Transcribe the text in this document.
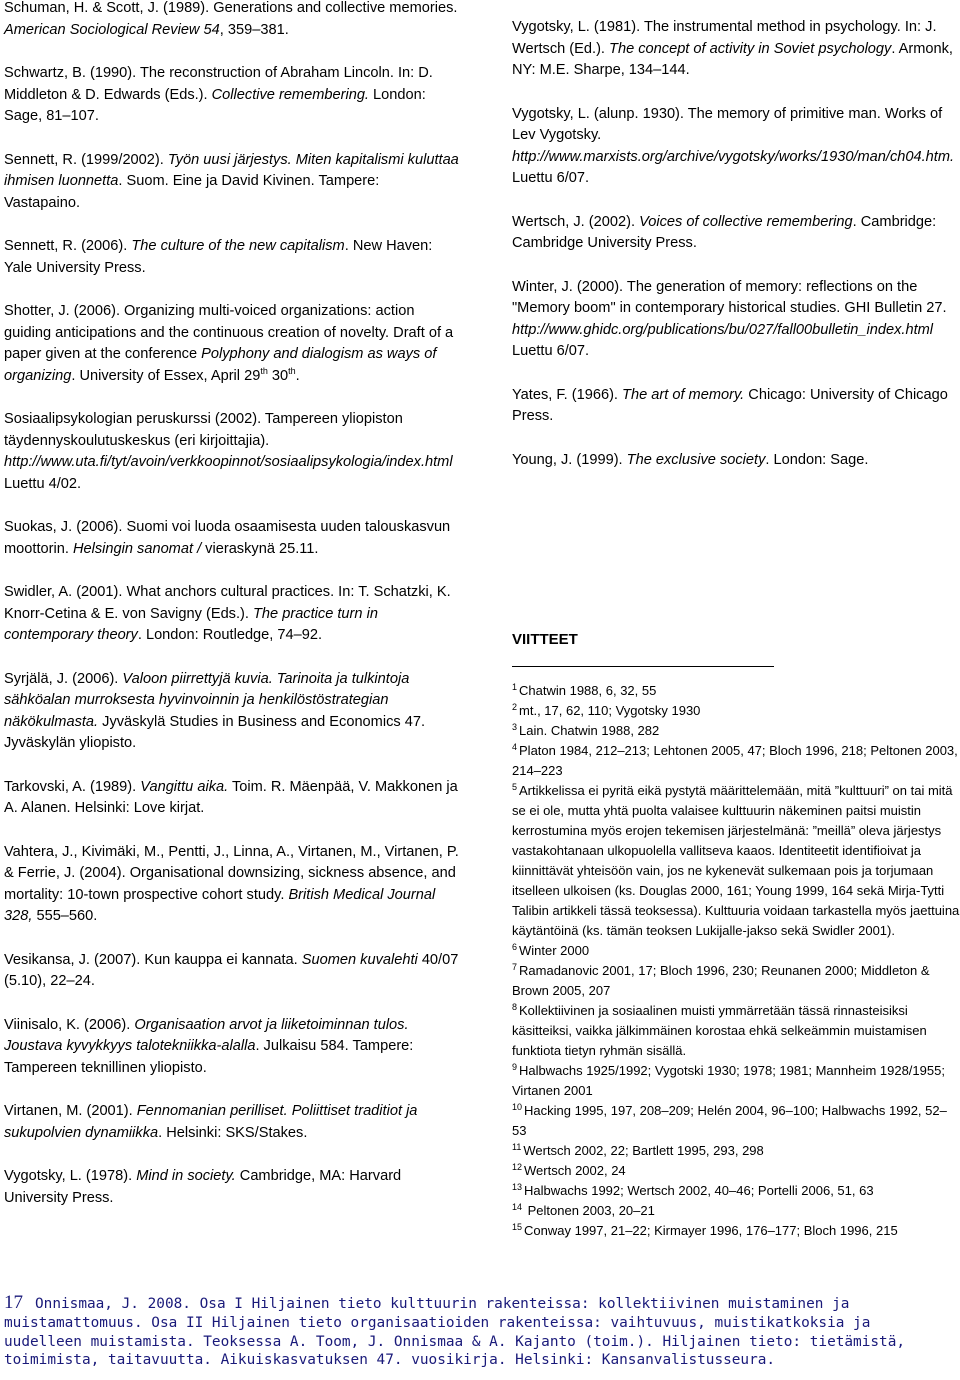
Schuman, H. & Scott, J. (1989). Generations and collective memories. American Sociological Review 54, 359–381.
Schwartz, B. (1990). The reconstruction of Abraham Lincoln. In: D. Middleton & D. Edwards (Eds.). Collective remembering. London: Sage, 81–107.
Sennett, R. (1999/2002). Työn uusi järjestys. Miten kapitalismi kuluttaa ihmisen luonnetta. Suom. Eine ja David Kivinen. Tampere: Vastapaino.
Sennett, R. (2006). The culture of the new capitalism. New Haven: Yale University Press.
Shotter, J. (2006). Organizing multi-voiced organizations: action guiding anticipations and the continuous creation of novelty. Draft of a paper given at the conference Polyphony and dialogism as ways of organizing. University of Essex, April 29th 30th.
Sosiaalipsykologian peruskurssi (2002). Tampereen yliopiston täydennyskoulutuskeskus (eri kirjoittajia). http://www.uta.fi/tyt/avoin/verkkoopinnot/sosiaalipsykologia/index.html Luettu 4/02.
Suokas, J. (2006). Suomi voi luoda osaamisesta uuden talouskasvun moottorin. Helsingin sanomat / vieraskynä 25.11.
Swidler, A. (2001). What anchors cultural practices. In: T. Schatzki, K. Knorr-Cetina & E. von Savigny (Eds.). The practice turn in contemporary theory. London: Routledge, 74–92.
Syrjälä, J. (2006). Valoon piirrettyjä kuvia. Tarinoita ja tulkintoja sähköalan murroksesta hyvinvoinnin ja henkilöstöstrategian näkökulmasta. Jyväskylä Studies in Business and Economics 47. Jyväskylän yliopisto.
Tarkovski, A. (1989). Vangittu aika. Toim. R. Mäenpää, V. Makkonen ja A. Alanen. Helsinki: Love kirjat.
Vahtera, J., Kivimäki, M., Pentti, J., Linna, A., Virtanen, M., Virtanen, P. & Ferrie, J. (2004). Organisational downsizing, sickness absence, and mortality: 10-town prospective cohort study. British Medical Journal 328, 555–560.
Vesikansa, J. (2007). Kun kauppa ei kannata. Suomen kuvalehti 40/07 (5.10), 22–24.
Viinisalo, K. (2006). Organisaation arvot ja liiketoiminnan tulos. Joustava kyvykkyys talotekniikka-alalla. Julkaisu 584. Tampere: Tampereen teknillinen yliopisto.
Virtanen, M. (2001). Fennomanian perilliset. Poliittiset traditiot ja sukupolvien dynamiikka. Helsinki: SKS/Stakes.
Vygotsky, L. (1978). Mind in society. Cambridge, MA: Harvard University Press.
Vygotsky, L. (1981). The instrumental method in psychology. In: J. Wertsch (Ed.). The concept of activity in Soviet psychology. Armonk, NY: M.E. Sharpe, 134–144.
Vygotsky, L. (alunp. 1930). The memory of primitive man. Works of Lev Vygotsky. http://www.marxists.org/archive/vygotsky/works/1930/man/ch04.htm. Luettu 6/07.
Wertsch, J. (2002). Voices of collective remembering. Cambridge: Cambridge University Press.
Winter, J. (2000). The generation of memory: reflections on the "Memory boom" in contemporary historical studies. GHI Bulletin 27. http://www.ghidc.org/publications/bu/027/fall00bulletin_index.html Luettu 6/07.
Yates, F. (1966). The art of memory. Chicago: University of Chicago Press.
Young, J. (1999). The exclusive society. London: Sage.
VIITTEET
$^1$ Chatwin 1988, 6, 32, 55
$^2$ mt., 17, 62, 110; Vygotsky 1930
$^3$ Lain. Chatwin 1988, 282
$^4$ Platon 1984, 212–213; Lehtonen 2005, 47; Bloch 1996, 218; Peltonen 2003, 214–223
$^5$ Artikkelissa ei pyritä eikä pystytä määrittelemään, mitä ”kulttuuri” on tai mitä se ei ole, mutta yhtä puolta valaisee kulttuurin näkeminen paitsi muistin kerrostumina myös erojen tekemisen järjestelmänä: ”meillä” oleva järjestys vastakohtanaan ulkopuolella vallitseva kaaos. Identiteetit identifioivat ja kiinnittävät yhteisöön vain, jos ne kykenevät sulkemaan pois ja torjumaan itselleen ulkoisen (ks. Douglas 2000, 161; Young 1999, 164 sekä Mirja-Tytti Talibin artikkeli tässä teoksessa). Kulttuuria voidaan tarkastella myös jaettuina käytäntöinä (ks. tämän teoksen Lukijalle-jakso sekä Swidler 2001).
$^6$ Winter 2000
$^7$ Ramadanovic 2001, 17; Bloch 1996, 230; Reunanen 2000; Middleton & Brown 2005, 207
$^8$ Kollektiivinen ja sosiaalinen muisti ymmärretään tässä rinnasteisiksi käsitteiksi, vaikka jälkimmäinen korostaa ehkä selkeämmin muistamisen funktiota tietyn ryhmän sisällä.
$^9$ Halbwachs 1925/1992; Vygotski 1930; 1978; 1981; Mannheim 1928/1955; Virtanen 2001
$^{10}$ Hacking 1995, 197, 208–209; Helén 2004, 96–100; Halbwachs 1992, 52–53
$^{11}$ Wertsch 2002, 22; Bartlett 1995, 293, 298
$^{12}$ Wertsch 2002, 24
$^{13}$ Halbwachs 1992; Wertsch 2002, 40–46; Portelli 2006, 51, 63
$^{14}$ Peltonen 2003, 20–21
$^{15}$ Conway 1997, 21–22; Kirmayer 1996, 176–177; Bloch 1996, 215
17 Onnismaa, J. 2008. Osa I Hiljainen tieto kulttuurin rakenteissa: kollektiivinen muistaminen ja muistamattomuus. Osa II Hiljainen tieto organisaatioiden rakenteissa: vaihtuvuus, muistikatkoksia ja uudelleen muistamista. Teoksessa A. Toom, J. Onnismaa & A. Kajanto (toim.). Hiljainen tieto: tietämistä, toimimista, taitavuutta. Aikuiskasvatuksen 47. vuosikirja. Helsinki: Kansanvalistusseura.
